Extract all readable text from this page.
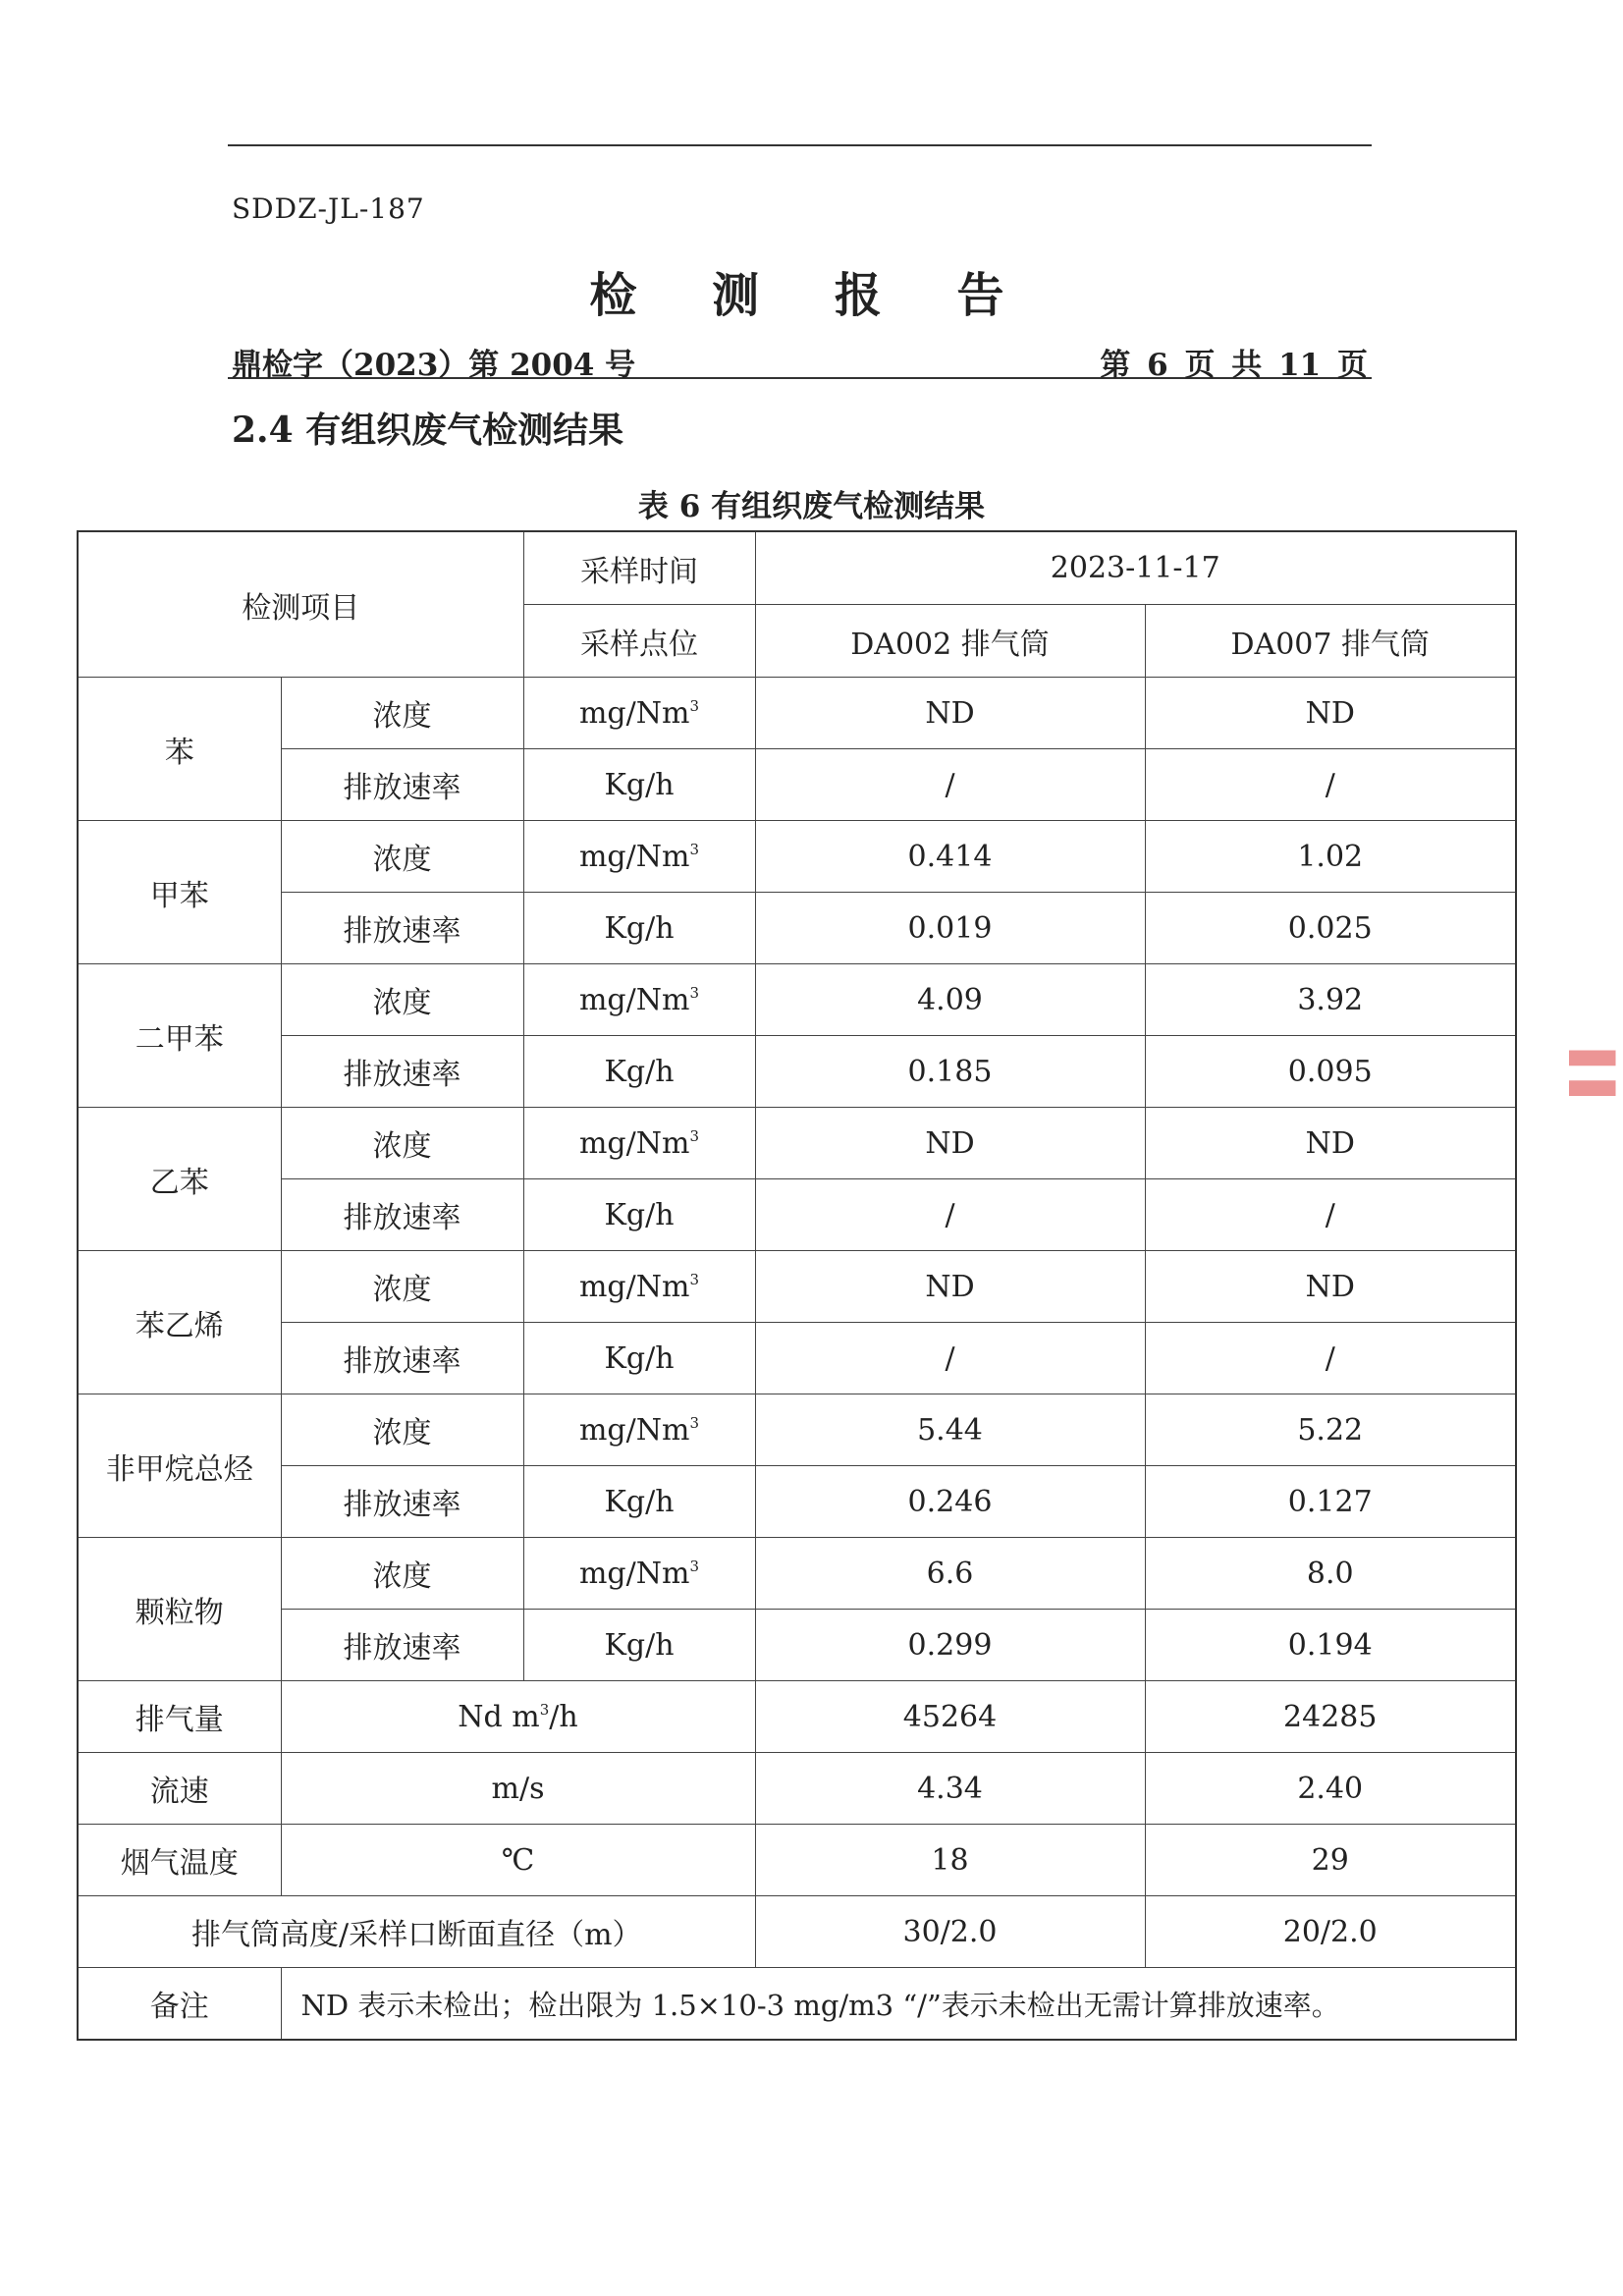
SDDZ-JL-187
检 测 报 告
鼎检字（2023）第 2004 号	第 6 页 共 11 页
2.4 有组织废气检测结果
表 6 有组织废气检测结果
检测项目		采样时间	2023-11-17	
		采样点位	DA002 排气筒	DA007 排气筒
苯	浓度	mg/Nm$^3$	ND	ND
	排放速率	Kg/h	/	/
甲苯	浓度	mg/Nm$^3$	0.414	1.02
	排放速率	Kg/h	0.019	0.025
二甲苯	浓度	mg/Nm$^3$	4.09	3.92
	排放速率	Kg/h	0.185	0.095
乙苯	浓度	mg/Nm$^3$	ND	ND
	排放速率	Kg/h	/	/
苯乙烯	浓度	mg/Nm$^3$	ND	ND
	排放速率	Kg/h	/	/
非甲烷总烃	浓度	mg/Nm$^3$	5.44	5.22
	排放速率	Kg/h	0.246	0.127
颗粒物	浓度	mg/Nm$^3$	6.6	8.0
	排放速率	Kg/h	0.299	0.194
排气量	Nd $m^3/h$		45264	24285
流速	m/s		4.34	2.40
烟气温度	℃		18	29
排气筒高度/采样口断面直径（m）			30/2.0	20/2.0
备注	ND 表示未检出；检出限为 1.5×10-3 mg/m3 “/”表示未检出无需计算排放速率。			
▌▌
